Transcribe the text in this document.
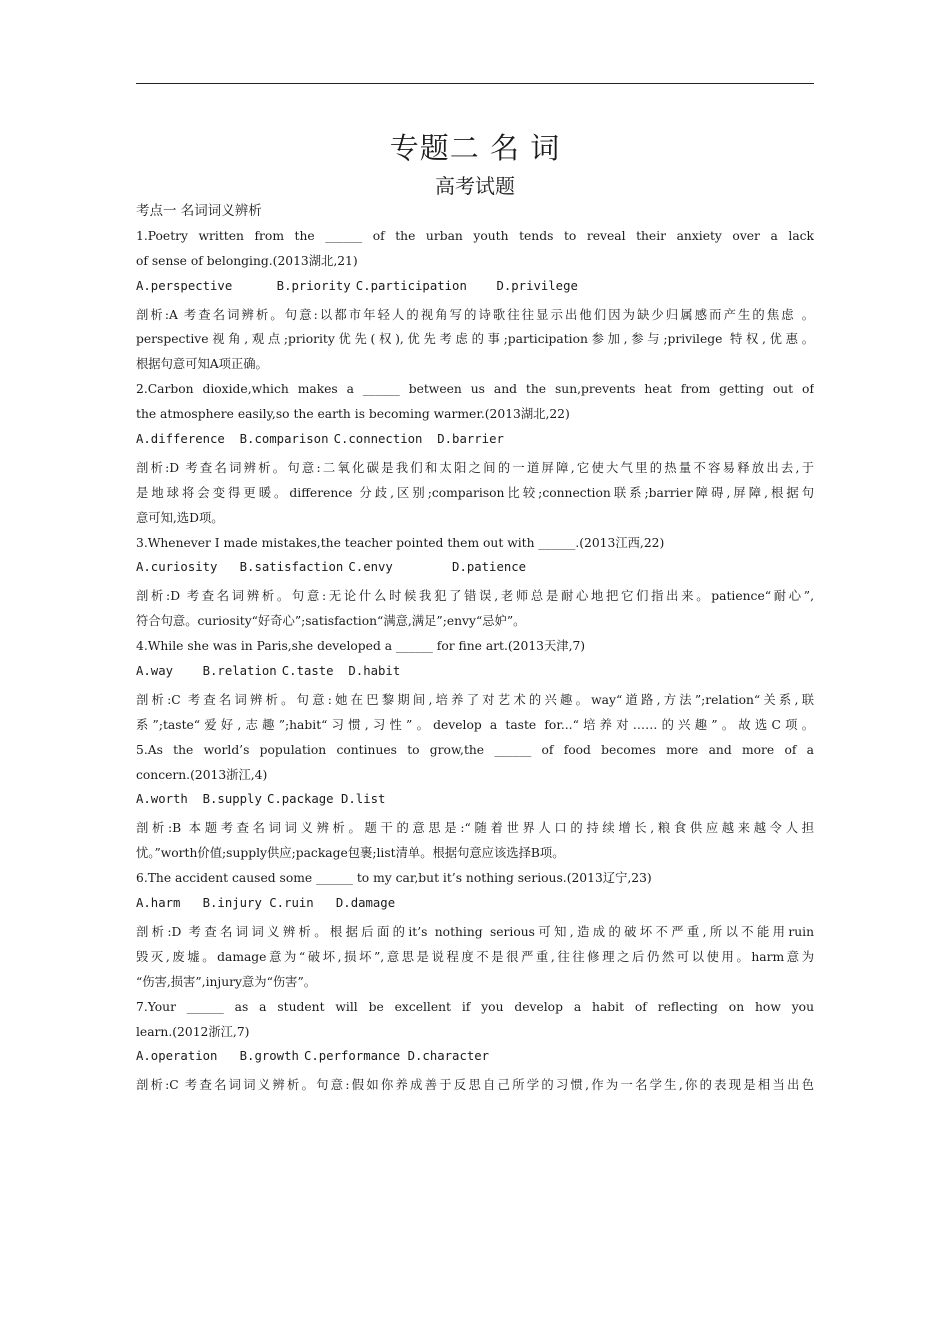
专题二 名 词
高考试题
考点一 名词词义辨析
1.Poetry written from the ______ of the urban youth tends to reveal their anxiety over a lack
of sense of belonging.(2013湖北,21)
A.perspective      B.priority C.participation    D.privilege
剖析:A 考查名词辨析。句意:以都市年轻人的视角写的诗歌往往显示出他们因为缺少归属感而产生的焦虑 。
perspective视角,观点;priority优先(权),优先考虑的事;participation参加,参与;privilege 特权,优惠。
根据句意可知A项正确。
2.Carbon dioxide,which makes a ______ between us and the sun,prevents heat from getting out of
the atmosphere easily,so the earth is becoming warmer.(2013湖北,22)
A.difference  B.comparison C.connection  D.barrier
剖析:D 考查名词辨析。句意:二氧化碳是我们和太阳之间的一道屏障,它使大气里的热量不容易释放出去,于
是地球将会变得更暖。difference 分歧,区别;comparison比较;connection联系;barrier障碍,屏障,根据句
意可知,选D项。
3.Whenever I made mistakes,the teacher pointed them out with ______.(2013江西,22)
A.curiosity   B.satisfaction C.envy        D.patience
剖析:D 考查名词辨析。句意:无论什么时候我犯了错误,老师总是耐心地把它们指出来。patience“耐心”,
符合句意。curiosity“好奇心”;satisfaction“满意,满足”;envy“忌妒”。
4.While she was in Paris,she developed a ______ for fine art.(2013天津,7)
A.way    B.relation C.taste  D.habit
剖析:C 考查名词辨析。句意:她在巴黎期间,培养了对艺术的兴趣。way“道路,方法”;relation“关系,联
系”;taste“爱好,志趣”;habit“习惯,习性”。develop a taste for...“培养对……的兴趣”。故选C项。
5.As the world’s population continues to grow,the ______ of food becomes more and more of a
concern.(2013浙江,4)
A.worth  B.supply C.package D.list
剖析:B 本题考查名词词义辨析。题干的意思是:“随着世界人口的持续增长,粮食供应越来越令人担
忧。”worth价值;supply供应;package包裹;list清单。根据句意应该选择B项。
6.The accident caused some ______ to my car,but it’s nothing serious.(2013辽宁,23)
A.harm   B.injury C.ruin   D.damage
剖析:D 考查名词词义辨析。根据后面的it’s nothing serious可知,造成的破坏不严重,所以不能用ruin
毁灭,废墟。damage意为“破坏,损坏”,意思是说程度不是很严重,往往修理之后仍然可以使用。harm意为
“伤害,损害”,injury意为“伤害”。
7.Your ______ as a student will be excellent if you develop a habit of reflecting on how you
learn.(2012浙江,7)
A.operation   B.growth C.performance D.character
剖析:C 考查名词词义辨析。句意:假如你养成善于反思自己所学的习惯,作为一名学生,你的表现是相当出色
